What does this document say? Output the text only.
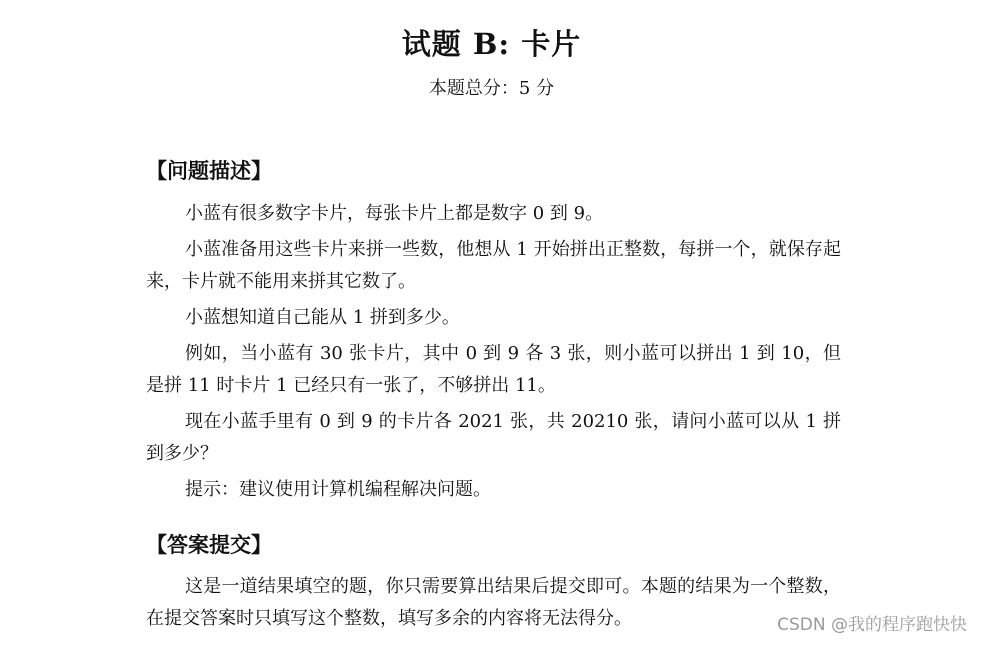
试题 B: 卡片
本题总分：5 分
【问题描述】
小蓝有很多数字卡片，每张卡片上都是数字 0 到 9。
小蓝准备用这些卡片来拼一些数，他想从 1 开始拼出正整数，每拼一个，就保存起来，卡片就不能用来拼其它数了。
小蓝想知道自己能从 1 拼到多少。
例如，当小蓝有 30 张卡片，其中 0 到 9 各 3 张，则小蓝可以拼出 1 到 10，但是拼 11 时卡片 1 已经只有一张了，不够拼出 11。
现在小蓝手里有 0 到 9 的卡片各 2021 张，共 20210 张，请问小蓝可以从 1 拼到多少？
提示：建议使用计算机编程解决问题。
【答案提交】
这是一道结果填空的题，你只需要算出结果后提交即可。本题的结果为一个整数，在提交答案时只填写这个整数，填写多余的内容将无法得分。	CSDN @我的程序跑快快
